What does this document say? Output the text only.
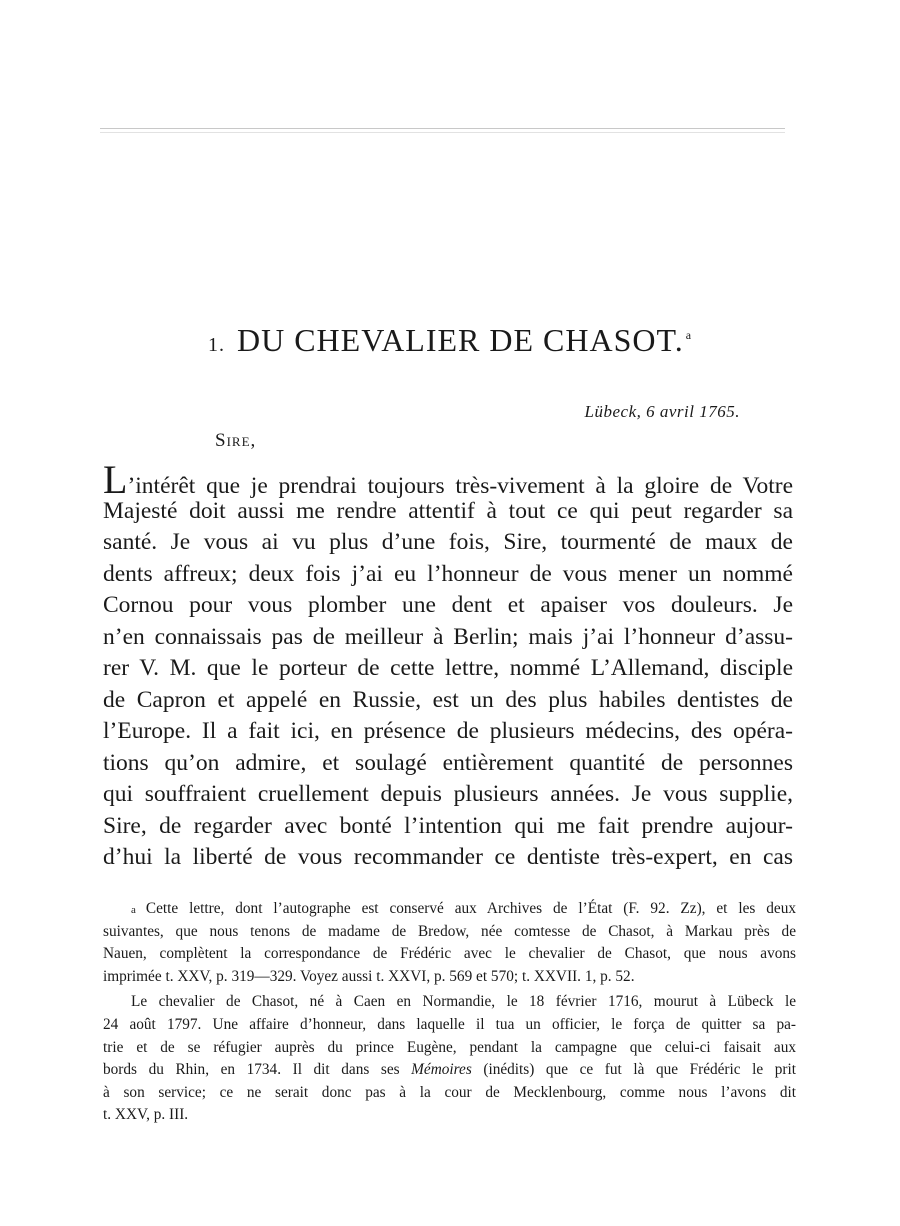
1. DU CHEVALIER DE CHASOT. $^a$
Lübeck, 6 avril 1765.
Sire,
L’intérêt que je prendrai toujours très-vivement à la gloire de Votre
Majesté doit aussi me rendre attentif à tout ce qui peut regarder sa
santé. Je vous ai vu plus d’une fois, Sire, tourmenté de maux de
dents affreux; deux fois j’ai eu l’honneur de vous mener un nommé
Cornou pour vous plomber une dent et apaiser vos douleurs. Je
n’en connaissais pas de meilleur à Berlin; mais j’ai l’honneur d’assu-
rer V. M. que le porteur de cette lettre, nommé L’Allemand, disciple
de Capron et appelé en Russie, est un des plus habiles dentistes de
l’Europe. Il a fait ici, en présence de plusieurs médecins, des opéra-
tions qu’on admire, et soulagé entièrement quantité de personnes
qui souffraient cruellement depuis plusieurs années. Je vous supplie,
Sire, de regarder avec bonté l’intention qui me fait prendre aujour-
d’hui la liberté de vous recommander ce dentiste très-expert, en cas
a Cette lettre, dont l’autographe est conservé aux Archives de l’État (F. 92. Zz), et les deux
suivantes, que nous tenons de madame de Bredow, née comtesse de Chasot, à Markau près de
Nauen, complètent la correspondance de Frédéric avec le chevalier de Chasot, que nous avons
imprimée t. XXV, p. 319—329. Voyez aussi t. XXVI, p. 569 et 570; t. XXVII. 1, p. 52.
Le chevalier de Chasot, né à Caen en Normandie, le 18 février 1716, mourut à Lübeck le
24 août 1797. Une affaire d’honneur, dans laquelle il tua un officier, le força de quitter sa pa-
trie et de se réfugier auprès du prince Eugène, pendant la campagne que celui-ci faisait aux
bords du Rhin, en 1734. Il dit dans ses Mémoires (inédits) que ce fut là que Frédéric le prit
à son service; ce ne serait donc pas à la cour de Mecklenbourg, comme nous l’avons dit
t. XXV, p. III.
